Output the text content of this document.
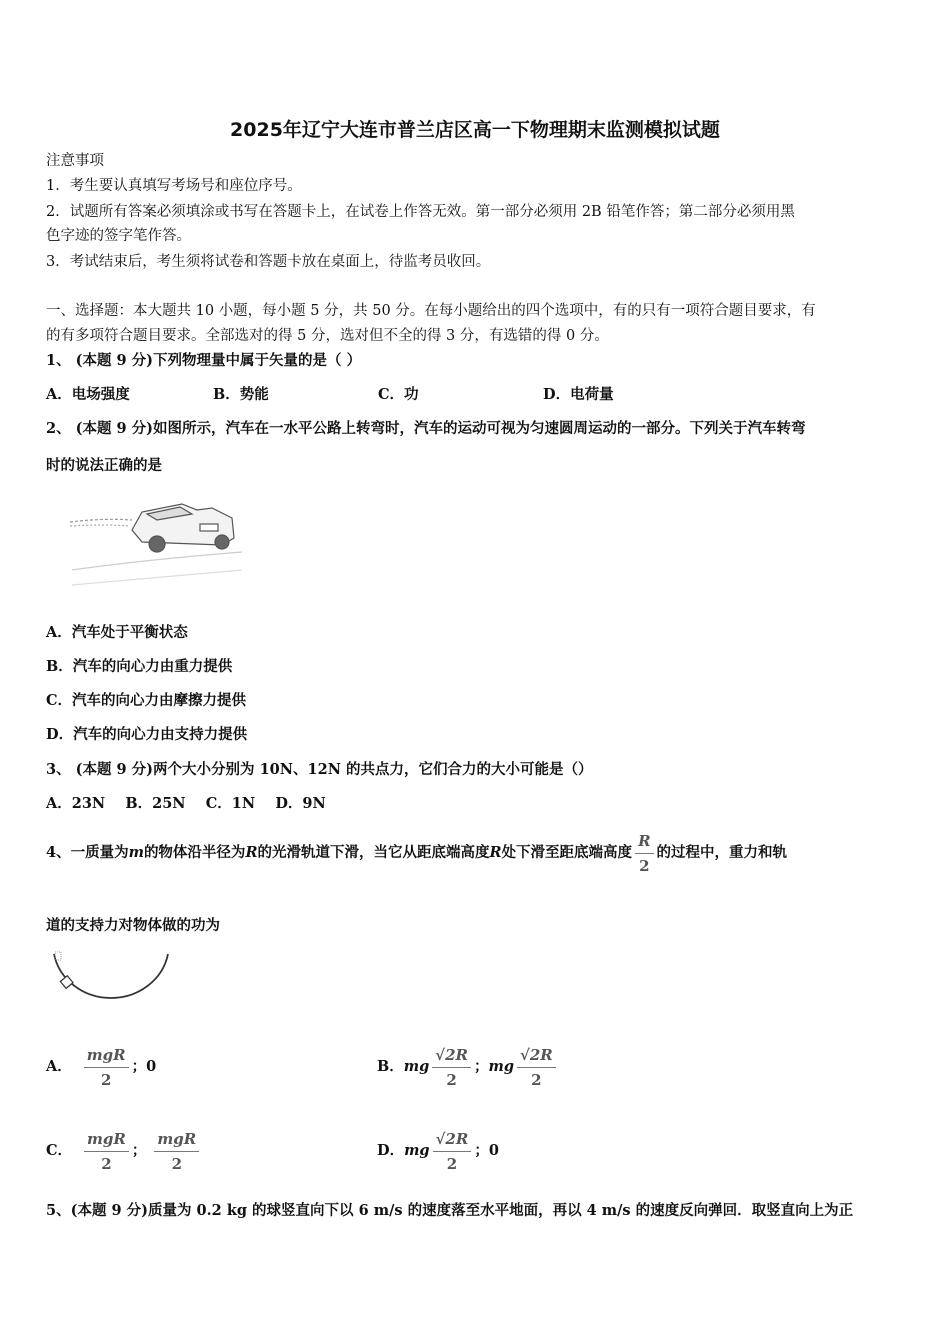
2025年辽宁大连市普兰店区高一下物理期末监测模拟试题
注意事项
1．考生要认真填写考场号和座位序号。
2．试题所有答案必须填涂或书写在答题卡上，在试卷上作答无效。第一部分必须用 2B 铅笔作答；第二部分必须用黑
色字迹的签字笔作答。
3．考试结束后，考生须将试卷和答题卡放在桌面上，待监考员收回。
一、选择题：本大题共 10 小题，每小题 5 分，共 50 分。在每小题给出的四个选项中，有的只有一项符合题目要求，有
的有多项符合题目要求。全部选对的得 5 分，选对但不全的得 3 分，有选错的得 0 分。
1、 (本题 9 分)下列物理量中属于矢量的是（ ）
A．电场强度	B．势能	C．功	D．电荷量
2、 (本题 9 分)如图所示，汽车在一水平公路上转弯时，汽车的运动可视为匀速圆周运动的一部分。下列关于汽车转弯
时的说法正确的是
A．汽车处于平衡状态
B．汽车的向心力由重力提供
C．汽车的向心力由摩擦力提供
D．汽车的向心力由支持力提供
3、 (本题 9 分)两个大小分别为 10N、12N 的共点力，它们合力的大小可能是（）
A．23N    B．25N    C．1N    D．9N
4、一质量为 m 的物体沿半径为 R 的光滑轨道下滑，当它从距底端高度 R 处下滑至距底端高度 $\frac{R}{2}$ 的过程中，重力和轨
道的支持力对物体做的功为
A． $\frac{\text{mgR}}{2}$ ； 0	B． mg $\frac{√2R}{2}$ ； mg $\frac{√2R}{2}$
C． $\frac{\text{mgR}}{2}$ ； $\frac{\text{mgR}}{2}$	D． mg $\frac{√2R}{2}$ ； 0
5、(本题 9 分)质量为 0.2 kg 的球竖直向下以 6 m/s 的速度落至水平地面，再以 4 m/s 的速度反向弹回．取竖直向上为正
